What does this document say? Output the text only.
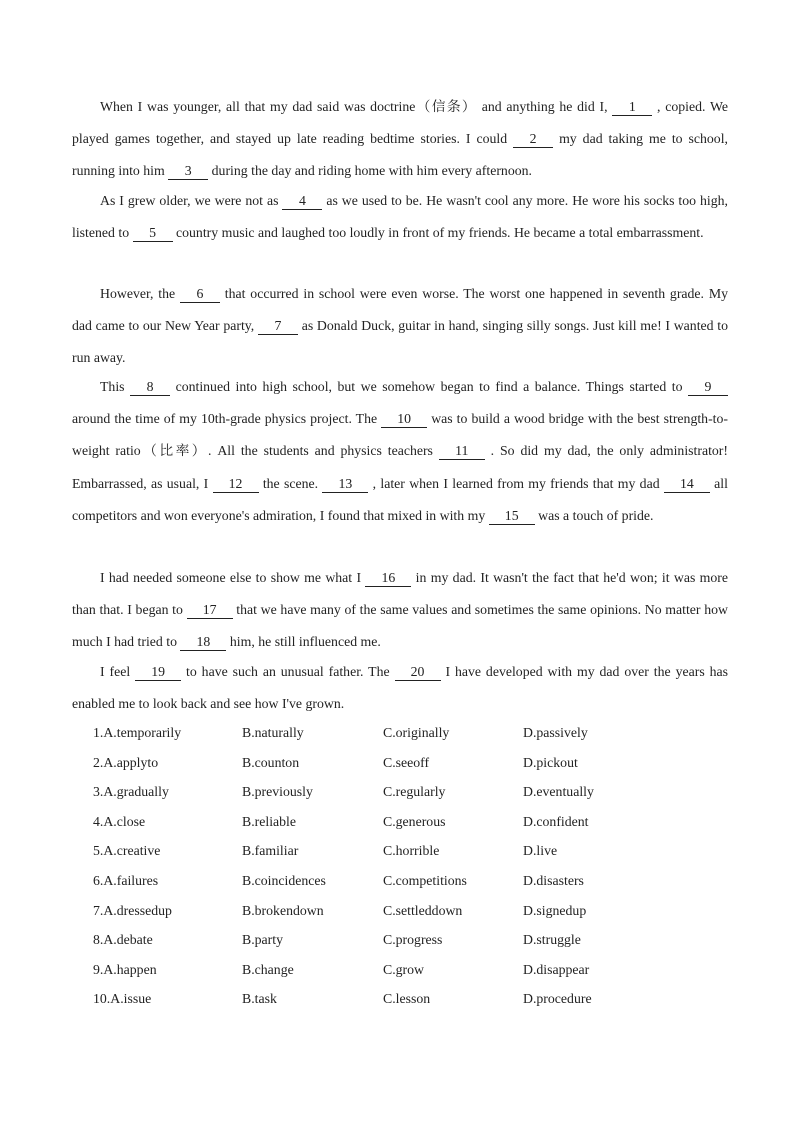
When I was younger, all that my dad said was doctrine（信条） and anything he did I, 1 , copied. We played games together, and stayed up late reading bedtime stories. I could 2 my dad taking me to school, running into him 3 during the day and riding home with him every afternoon.

As I grew older, we were not as 4 as we used to be. He wasn't cool any more. He wore his socks too high, listened to 5 country music and laughed too loudly in front of my friends. He became a total embarrassment.

However, the 6 that occurred in school were even worse. The worst one happened in seventh grade. My dad came to our New Year party, 7 as Donald Duck, guitar in hand, singing silly songs. Just kill me! I wanted to run away.

This 8 continued into high school, but we somehow began to find a balance. Things started to 9 around the time of my 10th-grade physics project. The 10 was to build a wood bridge with the best strength-to-weight ratio（比率）. All the students and physics teachers 11 . So did my dad, the only administrator! Embarrassed, as usual, I 12 the scene. 13 , later when I learned from my friends that my dad 14 all competitors and won everyone's admiration, I found that mixed in with my 15 was a touch of pride.

I had needed someone else to show me what I 16 in my dad. It wasn't the fact that he'd won; it was more than that. I began to 17 that we have many of the same values and sometimes the same opinions. No matter how much I had tried to 18 him, he still influenced me.

I feel 19 to have such an unusual father. The 20 I have developed with my dad over the years has enabled me to look back and see how I've grown.

1.A.temporarily	B.naturally	C.originally	D.passively
2.A.applyto	B.counton	C.seeoff	D.pickout
3.A.gradually	B.previously	C.regularly	D.eventually
4.A.close	B.reliable	C.generous	D.confident
5.A.creative	B.familiar	C.horrible	D.live
6.A.failures	B.coincidences	C.competitions	D.disasters
7.A.dressedup	B.brokendown	C.settleddown	D.signedup
8.A.debate	B.party	C.progress	D.struggle
9.A.happen	B.change	C.grow	D.disappear
10.A.issue	B.task	C.lesson	D.procedure
